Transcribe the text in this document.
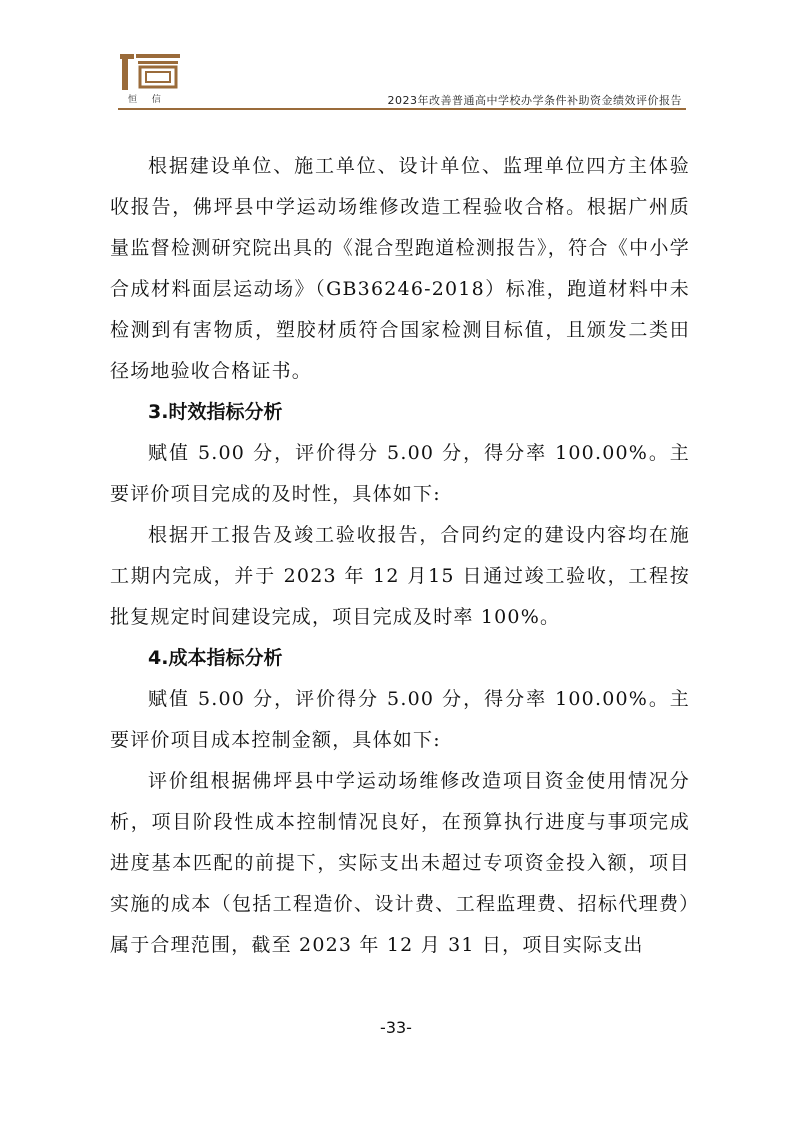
恒 信	2023年改善普通高中学校办学条件补助资金绩效评价报告

根据建设单位、施工单位、设计单位、监理单位四方主体验收报告，佛坪县中学运动场维修改造工程验收合格。根据广州质量监督检测研究院出具的《混合型跑道检测报告》，符合《中小学合成材料面层运动场》（GB36246-2018）标准，跑道材料中未检测到有害物质，塑胶材质符合国家检测目标值，且颁发二类田径场地验收合格证书。

3.时效指标分析

赋值 5.00 分，评价得分 5.00 分，得分率 100.00%。主要评价项目完成的及时性，具体如下:

根据开工报告及竣工验收报告，合同约定的建设内容均在施工期内完成，并于 2023 年 12 月15 日通过竣工验收，工程按批复规定时间建设完成，项目完成及时率 100%。

4.成本指标分析

赋值 5.00 分，评价得分 5.00 分，得分率 100.00%。主要评价项目成本控制金额，具体如下:

评价组根据佛坪县中学运动场维修改造项目资金使用情况分析，项目阶段性成本控制情况良好，在预算执行进度与事项完成进度基本匹配的前提下，实际支出未超过专项资金投入额，项目实施的成本（包括工程造价、设计费、工程监理费、招标代理费）属于合理范围，截至 2023 年 12 月 31 日，项目实际支出

-33-
